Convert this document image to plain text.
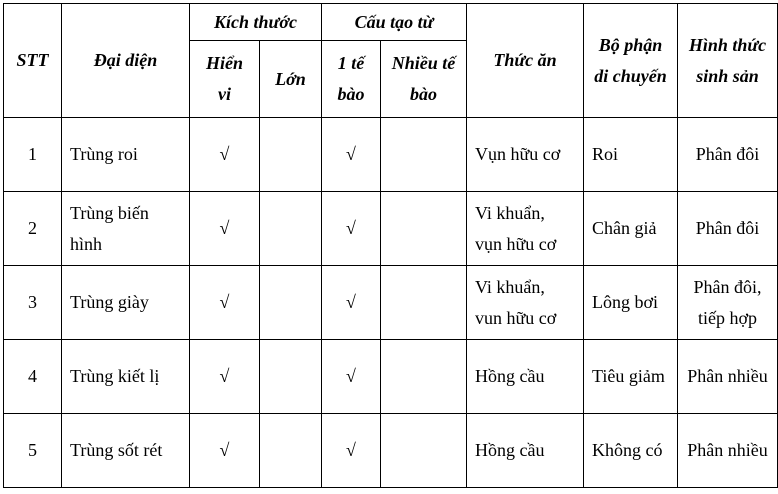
STT	Đại diện	Kích thước		Cấu tạo từ		Thức ăn	Bộ phận di chuyến	Hình thức sinh sản
		Hiển vi	Lớn	1 tế bào	Nhiều tế bào			
1	Trùng roi	√		√		Vụn hữu cơ	Roi	Phân đôi
2	Trùng biến hình	√		√		Vi khuẩn, vụn hữu cơ	Chân giả	Phân đôi
3	Trùng giày	√		√		Vi khuẩn, vun hữu cơ	Lông bơi	Phân đôi, tiếp hợp
4	Trùng kiết lị	√		√		Hồng cầu	Tiêu giảm	Phân nhiều
5	Trùng sốt rét	√		√		Hồng cầu	Không có	Phân nhiều
